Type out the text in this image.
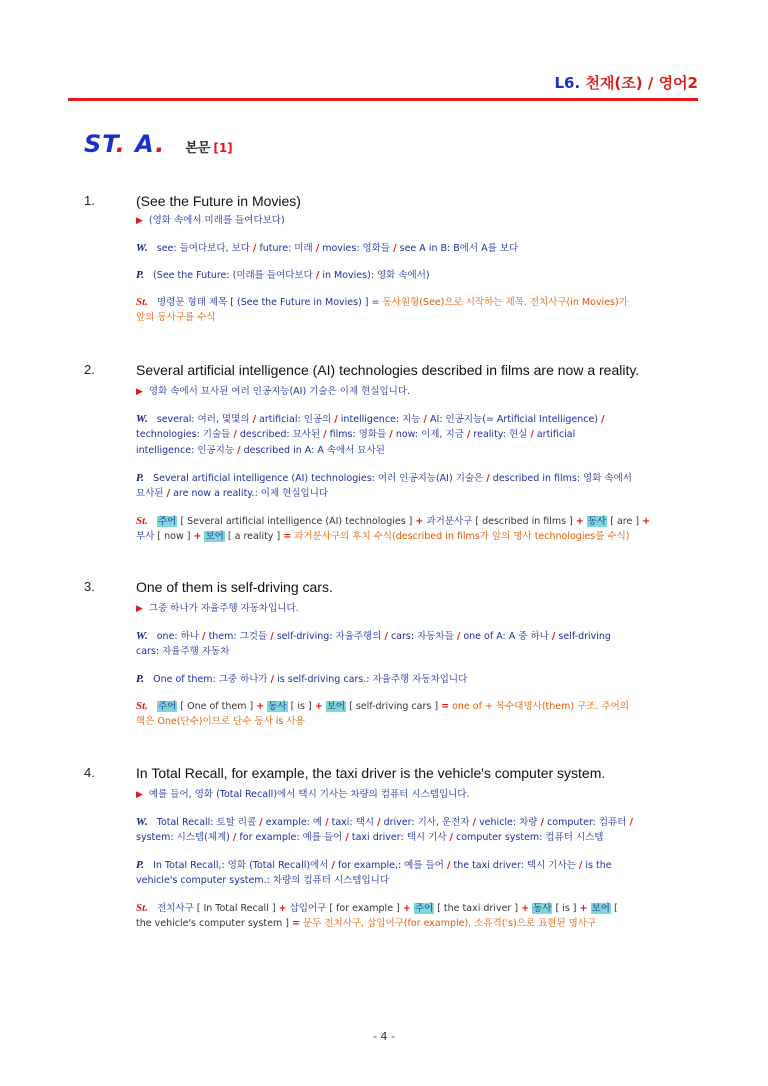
L6. 천재(조) / 영어2
ST. A. 본문 [1]
1.	(See the Future in Movies)
▶ (영화 속에서 미래를 들여다보다)
W. see: 들여다보다, 보다 / future: 미래 / movies: 영화들 / see A in B: B에서 A를 보다
P. (See the Future: (미래를 들여다보다 / in Movies): 영화 속에서)
St. 명령문 형태 제목 [ (See the Future in Movies) ] = 동사원형(See)으로 시작하는 제목. 전치사구(in Movies)가
앞의 동사구를 수식
2.	Several artificial intelligence (AI) technologies described in films are now a reality.
▶ 영화 속에서 묘사된 여러 인공지능(AI) 기술은 이제 현실입니다.
W. several: 여러, 몇몇의 / artificial: 인공의 / intelligence: 지능 / AI: 인공지능(= Artificial Intelligence) /
technologies: 기술들 / described: 묘사된 / films: 영화들 / now: 이제, 지금 / reality: 현실 / artificial
intelligence: 인공지능 / described in A: A 속에서 묘사된
P. Several artificial intelligence (AI) technologies: 여러 인공지능(AI) 기술은 / described in films: 영화 속에서
묘사된 / are now a reality.: 이제 현실입니다
St. 주어 [ Several artificial intelligence (AI) technologies ] + 과거분사구 [ described in films ] + 동사 [ are ] +
부사 [ now ] + 보어 [ a reality ] = 과거분사구의 후치 수식(described in films가 앞의 명사 technologies를 수식)
3.	One of them is self-driving cars.
▶ 그중 하나가 자율주행 자동차입니다.
W. one: 하나 / them: 그것들 / self-driving: 자율주행의 / cars: 자동차들 / one of A: A 중 하나 / self-driving
cars: 자율주행 자동차
P. One of them: 그중 하나가 / is self-driving cars.: 자율주행 자동차입니다
St. 주어 [ One of them ] + 동사 [ is ] + 보어 [ self-driving cars ] = one of + 복수대명사(them) 구조. 주어의
핵은 One(단수)이므로 단수 동사 is 사용
4.	In Total Recall, for example, the taxi driver is the vehicle's computer system.
▶ 예를 들어, 영화 (Total Recall)에서 택시 기사는 차량의 컴퓨터 시스템입니다.
W. Total Recall: 토탈 리콜 / example: 예 / taxi: 택시 / driver: 기사, 운전자 / vehicle: 차량 / computer: 컴퓨터 /
system: 시스템(체계) / for example: 예를 들어 / taxi driver: 택시 기사 / computer system: 컴퓨터 시스템
P. In Total Recall,: 영화 (Total Recall)에서 / for example,: 예를 들어 / the taxi driver: 택시 기사는 / is the
vehicle's computer system.: 차량의 컴퓨터 시스템입니다
St. 전치사구 [ In Total Recall ] + 삽입어구 [ for example ] + 주어 [ the taxi driver ] + 동사 [ is ] + 보어 [
the vehicle's computer system ] = 문두 전치사구, 삽입어구(for example), 소유격('s)으로 표현된 명사구
- 4 -
